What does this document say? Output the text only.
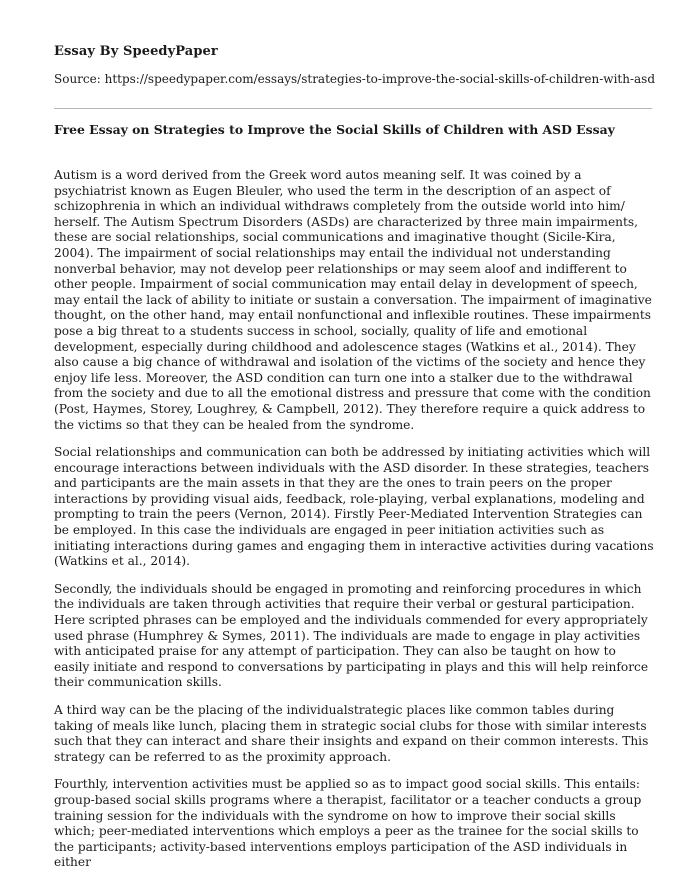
Essay By SpeedyPaper
Source: https://speedypaper.com/essays/strategies-to-improve-the-social-skills-of-children-with-asd
Free Essay on Strategies to Improve the Social Skills of Children with ASD Essay

Autism is a word derived from the Greek word autos meaning self. It was coined by a psychiatrist known as Eugen Bleuler, who used the term in the description of an aspect of schizophrenia in which an individual withdraws completely from the outside world into him/ herself. The Autism Spectrum Disorders (ASDs) are characterized by three main impairments, these are social relationships, social communications and imaginative thought (Sicile-Kira, 2004). The impairment of social relationships may entail the individual not understanding nonverbal behavior, may not develop peer relationships or may seem aloof and indifferent to other people. Impairment of social communication may entail delay in development of speech, may entail the lack of ability to initiate or sustain a conversation. The impairment of imaginative thought, on the other hand, may entail nonfunctional and inflexible routines. These impairments pose a big threat to a students success in school, socially, quality of life and emotional development, especially during childhood and adolescence stages (Watkins et al., 2014). They also cause a big chance of withdrawal and isolation of the victims of the society and hence they enjoy life less. Moreover, the ASD condition can turn one into a stalker due to the withdrawal from the society and due to all the emotional distress and pressure that come with the condition (Post, Haymes, Storey, Loughrey, & Campbell, 2012). They therefore require a quick address to the victims so that they can be healed from the syndrome.

Social relationships and communication can both be addressed by initiating activities which will encourage interactions between individuals with the ASD disorder. In these strategies, teachers and participants are the main assets in that they are the ones to train peers on the proper interactions by providing visual aids, feedback, role-playing, verbal explanations, modeling and prompting to train the peers (Vernon, 2014). Firstly Peer-Mediated Intervention Strategies can be employed. In this case the individuals are engaged in peer initiation activities such as initiating interactions during games and engaging them in interactive activities during vacations (Watkins et al., 2014).

Secondly, the individuals should be engaged in promoting and reinforcing procedures in which the individuals are taken through activities that require their verbal or gestural participation. Here scripted phrases can be employed and the individuals commended for every appropriately used phrase (Humphrey & Symes, 2011). The individuals are made to engage in play activities with anticipated praise for any attempt of participation. They can also be taught on how to easily initiate and respond to conversations by participating in plays and this will help reinforce their communication skills.

A third way can be the placing of the individualstrategic places like common tables during taking of meals like lunch, placing them in strategic social clubs for those with similar interests such that they can interact and share their insights and expand on their common interests. This strategy can be referred to as the proximity approach.

Fourthly, intervention activities must be applied so as to impact good social skills. This entails: group-based social skills programs where a therapist, facilitator or a teacher conducts a group training session for the individuals with the syndrome on how to improve their social skills which; peer-mediated interventions which employs a peer as the trainee for the social skills to the participants; activity-based interventions employs participation of the ASD individuals in either
